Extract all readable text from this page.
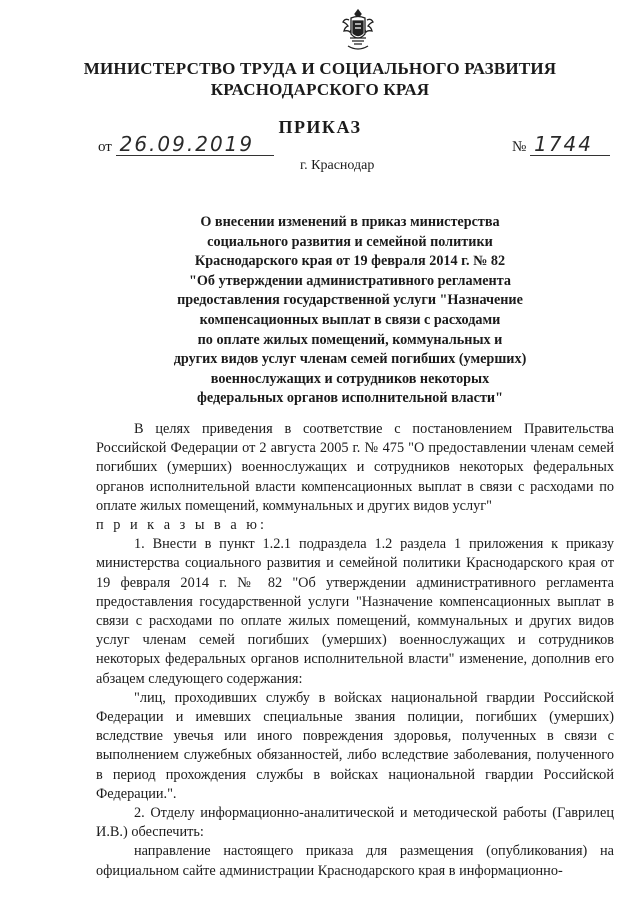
МИНИСТЕРСТВО ТРУДА И СОЦИАЛЬНОГО РАЗВИТИЯ
КРАСНОДАРСКОГО КРАЯ
ПРИКАЗ
от 26.09.2019	№ 1744
г. Краснодар
О внесении изменений в приказ министерства
социального развития и семейной политики
Краснодарского края от 19 февраля 2014 г. № 82
"Об утверждении административного регламента
предоставления государственной услуги "Назначение
компенсационных выплат в связи с расходами
по оплате жилых помещений, коммунальных и
других видов услуг членам семей погибших (умерших)
военнослужащих и сотрудников некоторых
федеральных органов исполнительной власти"

В целях приведения в соответствие с постановлением Правительства Российской Федерации от 2 августа 2005 г. № 475 "О предоставлении членам семей погибших (умерших) военнослужащих и сотрудников некоторых федеральных органов исполнительной власти компенсационных выплат в связи с расходами по оплате жилых помещений, коммунальных и других видов услуг"

п р и к а з ы в а ю:

1. Внести в пункт 1.2.1 подраздела 1.2 раздела 1 приложения к приказу министерства социального развития и семейной политики Краснодарского края от 19 февраля 2014 г. № 82 "Об утверждении административного регламента предоставления государственной услуги "Назначение компенсационных выплат в связи с расходами по оплате жилых помещений, коммунальных и других видов услуг членам семей погибших (умерших) военнослужащих и сотрудников некоторых федеральных органов исполнительной власти" изменение, дополнив его абзацем следующего содержания:

"лиц, проходивших службу в войсках национальной гвардии Российской Федерации и имевших специальные звания полиции, погибших (умерших) вследствие увечья или иного повреждения здоровья, полученных в связи с выполнением служебных обязанностей, либо вследствие заболевания, полученного в период прохождения службы в войсках национальной гвардии Российской Федерации.".

2. Отделу информационно-аналитической и методической работы (Гаврилец И.В.) обеспечить:

направление настоящего приказа для размещения (опубликования) на официальном сайте администрации Краснодарского края в информационно-
